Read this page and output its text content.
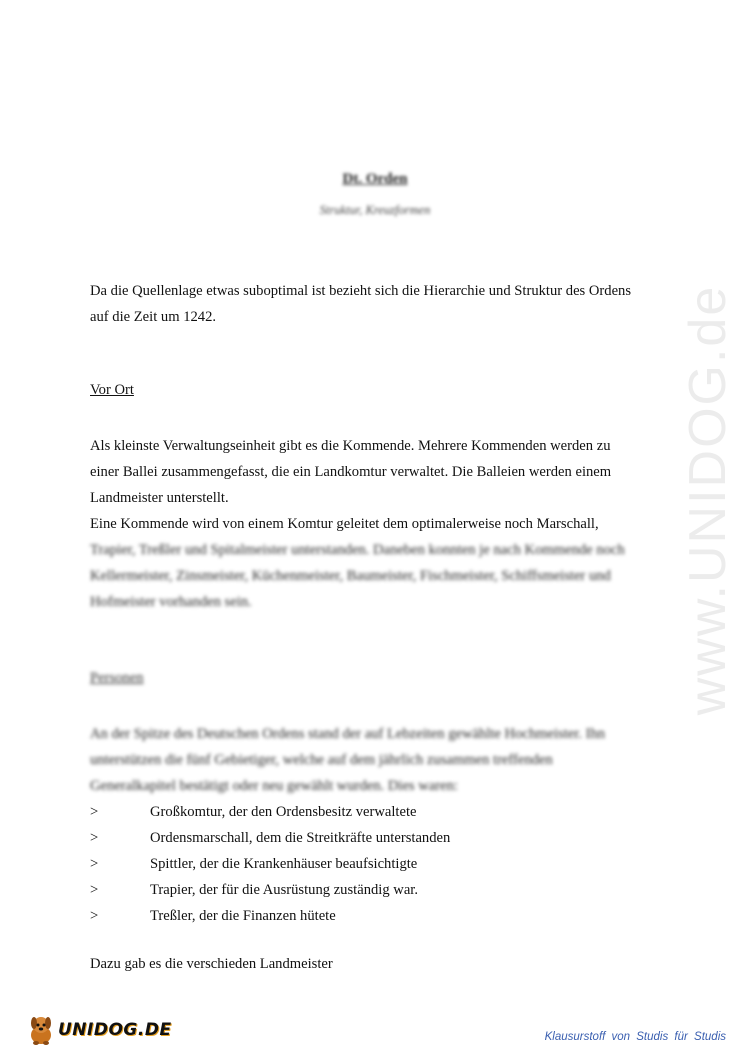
www.UNIDOG.de
Dt. Orden
Struktur, Kreuzformen

Da die Quellenlage etwas suboptimal ist bezieht sich die Hierarchie und Struktur des Ordens
auf die Zeit um 1242.

Vor Ort

Als kleinste Verwaltungseinheit gibt es die Kommende. Mehrere Kommenden werden zu
einer Ballei zusammengefasst, die ein Landkomtur verwaltet. Die Balleien werden einem
Landmeister unterstellt.
Eine Kommende wird von einem Komtur geleitet dem optimalerweise noch Marschall,
Trapier, Treßler und Spitalmeister unterstanden. Daneben konnten je nach Kommende noch
Kellermeister, Zinsmeister, Küchenmeister, Baumeister, Fischmeister, Schiffsmeister und
Hofmeister vorhanden sein.

Personen

An der Spitze des Deutschen Ordens stand der auf Lebzeiten gewählte Hochmeister. Ihn
unterstützen die fünf Gebietiger, welche auf dem jährlich zusammen treffenden
Generalkapitel bestätigt oder neu gewählt wurden. Dies waren:

>	Großkomtur, der den Ordensbesitz verwaltete
>	Ordensmarschall, dem die Streitkräfte unterstanden
>	Spittler, der die Krankenhäuser beaufsichtigte
>	Trapier, der für die Ausrüstung zuständig war.
>	Treßler, der die Finanzen hütete
Dazu gab es die verschieden Landmeister
UNIDOG.DE	Klausurstoff von Studis für Studis
